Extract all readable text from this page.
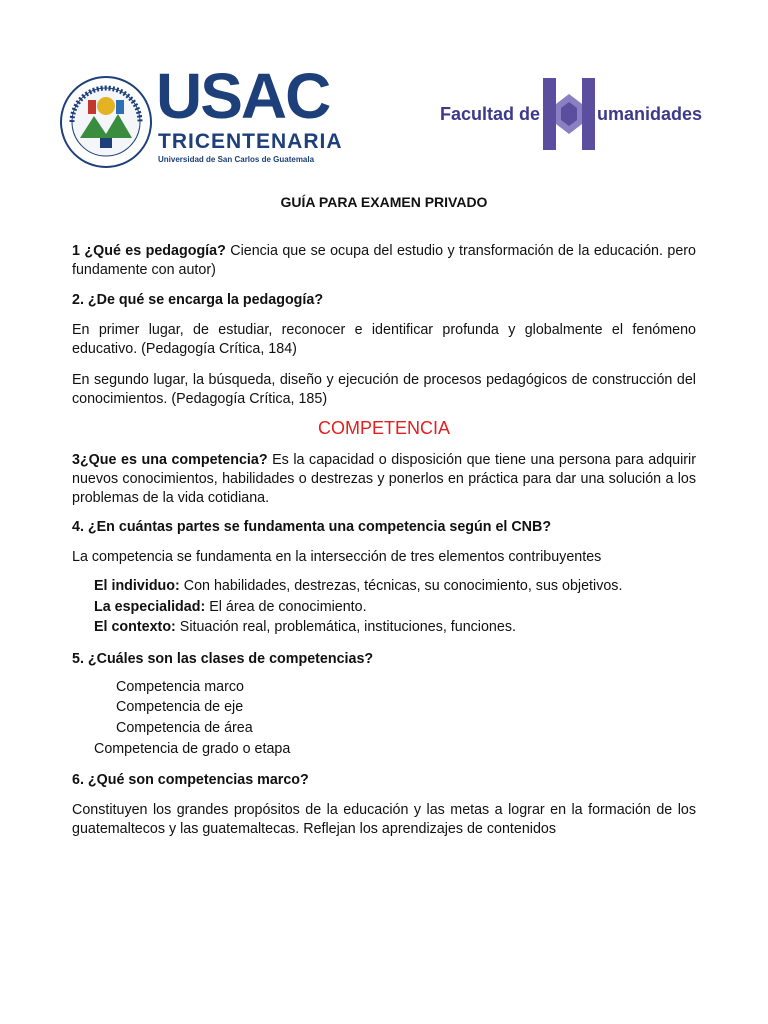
USAC
TRICENTENARIA
Universidad de San Carlos de Guatemala
Facultad de	umanidades
GUÍA PARA EXAMEN PRIVADO

1 ¿Qué es pedagogía? Ciencia que se ocupa del estudio y transformación de la educación. pero fundamente con autor)

2. ¿De qué se encarga la pedagogía?

En primer lugar, de estudiar, reconocer e identificar profunda y globalmente el fenómeno educativo. (Pedagogía Crítica, 184)

En segundo lugar, la búsqueda, diseño y ejecución de procesos pedagógicos de construcción del conocimientos. (Pedagogía Crítica, 185)

COMPETENCIA

3¿Que es una competencia? Es la capacidad o disposición que tiene una persona para adquirir nuevos conocimientos, habilidades o destrezas y ponerlos en práctica para dar una solución a los problemas de la vida cotidiana.

4. ¿En cuántas partes se fundamenta una competencia según el CNB?

La competencia se fundamenta en la intersección de tres elementos contribuyentes

El individuo: Con habilidades, destrezas, técnicas, su conocimiento, sus objetivos.
La especialidad: El área de conocimiento.
El contexto: Situación real, problemática, instituciones, funciones.

5. ¿Cuáles son las clases de competencias?

Competencia marco
Competencia de eje
Competencia de área
Competencia de grado o etapa

6. ¿Qué son competencias marco?

Constituyen los grandes propósitos de la educación y las metas a lograr en la formación de los guatemaltecos y las guatemaltecas. Reflejan los aprendizajes de contenidos
